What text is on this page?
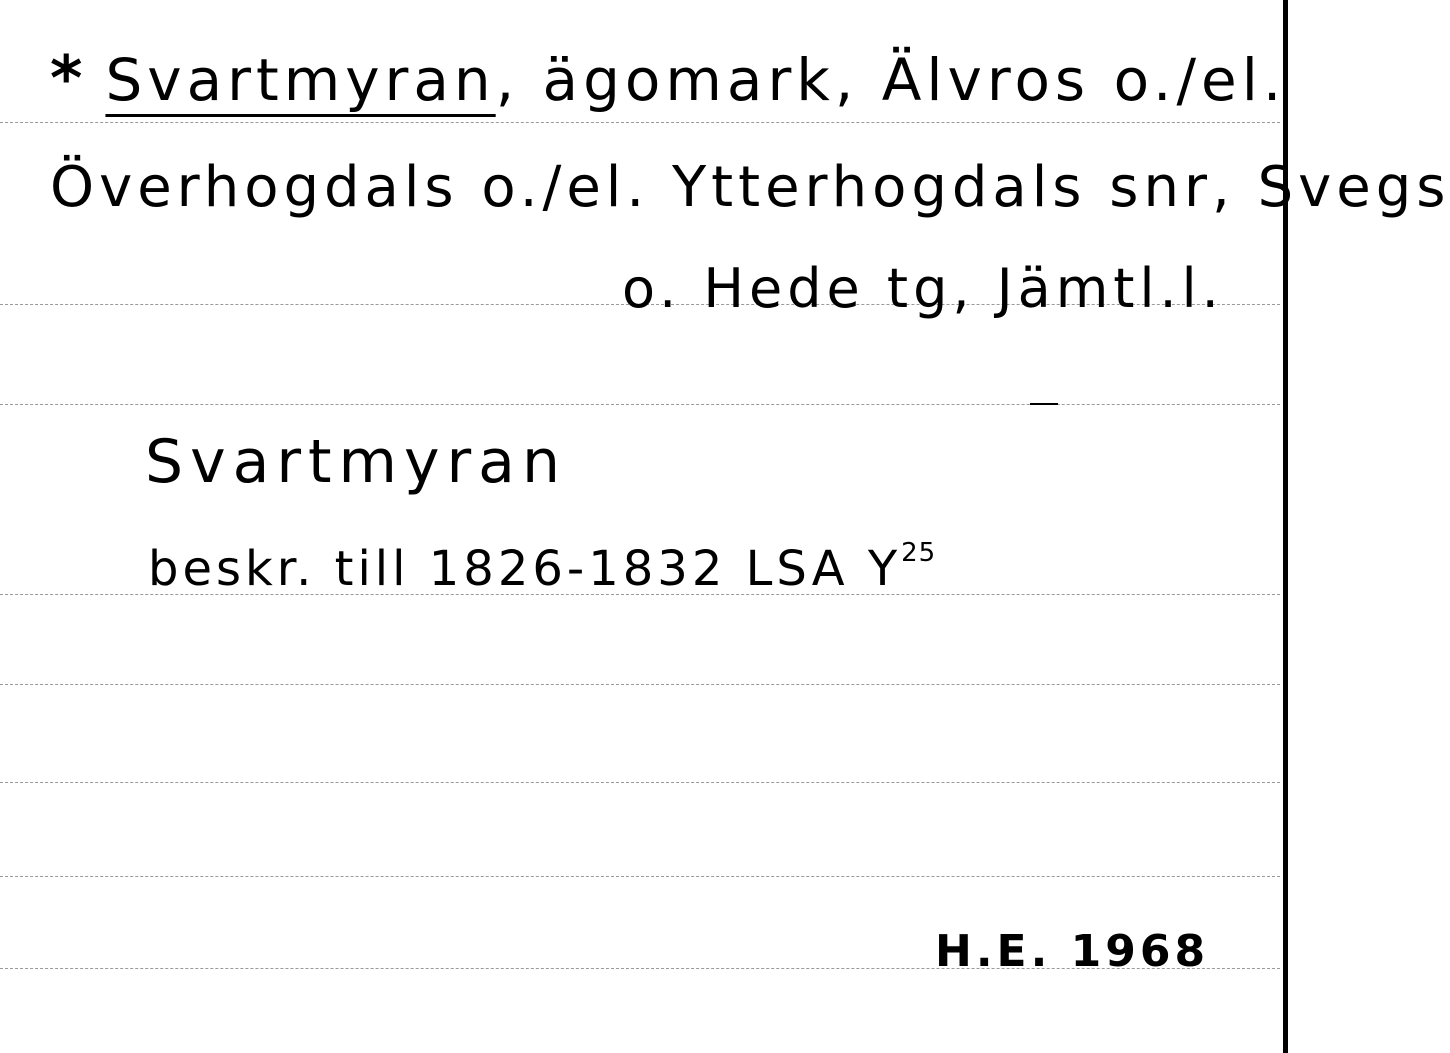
* Svartmyran, ägomark, Älvros o./el.
Överhogdals o./el. Ytterhogdals snr, Svegs
o. Hede tg, Jämtl.l.
Svartmyran
beskr. till 1826-1832 LSA $Y^{25}$
H.E. 1968
